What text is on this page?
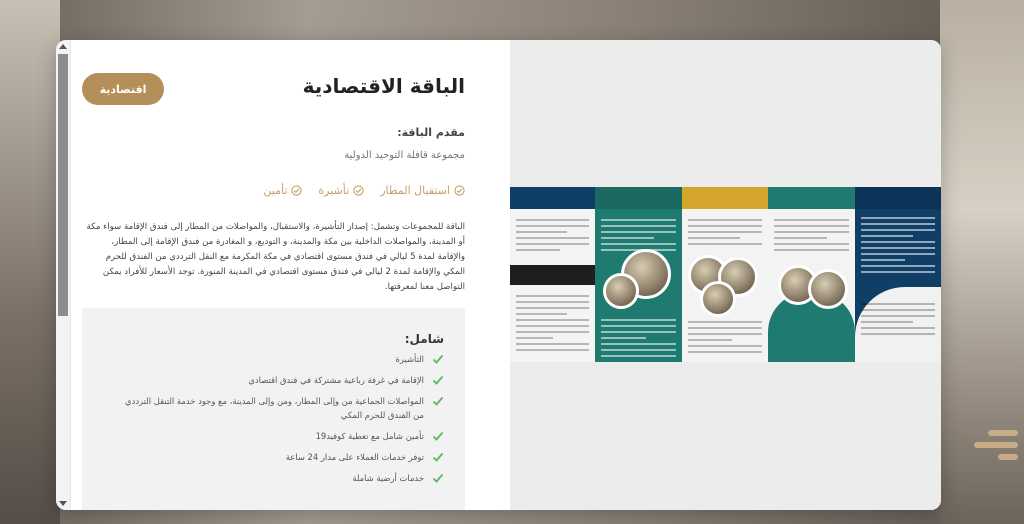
الباقة الاقتصادية
اقتصادية
مقدم الباقة:
مجموعة قافلة التوحيد الدولية
استقبال المطار
تأشيرة
تأمين

الباقة للمجموعات وتشمل: إصدار التأشيرة، والاستقبال، والمواصلات من المطار إلى فندق الإقامة سواء مكة أو المدينة، والمواصلات الداخلية بين مكة والمدينة، و التوديع، و المغادرة من فندق الإقامة إلى المطار، والإقامة لمدة 5 ليالي في فندق مستوى اقتصادي في مكة المكرمة مع النقل الترددي من الفندق للحرم المكي والإقامة لمدة 2 ليالي في فندق مستوى اقتصادي في المدينة المنورة. توجد الأسعار للأفراد يمكن التواصل معنا لمعرفتها.

شامل:
التأشيرة
الإقامة في غرفة رباعية مشتركة في فندق اقتصادي
المواصلات الجماعية من وإلى المطار، ومن وإلى المدينة، مع وجود خدمة التنقل الترددي من الفندق للحرم المكي
تأمين شامل مع تغطية كوفيد19
توفر خدمات العملاء على مدار 24 ساعة
خدمات أرضية شاملة
